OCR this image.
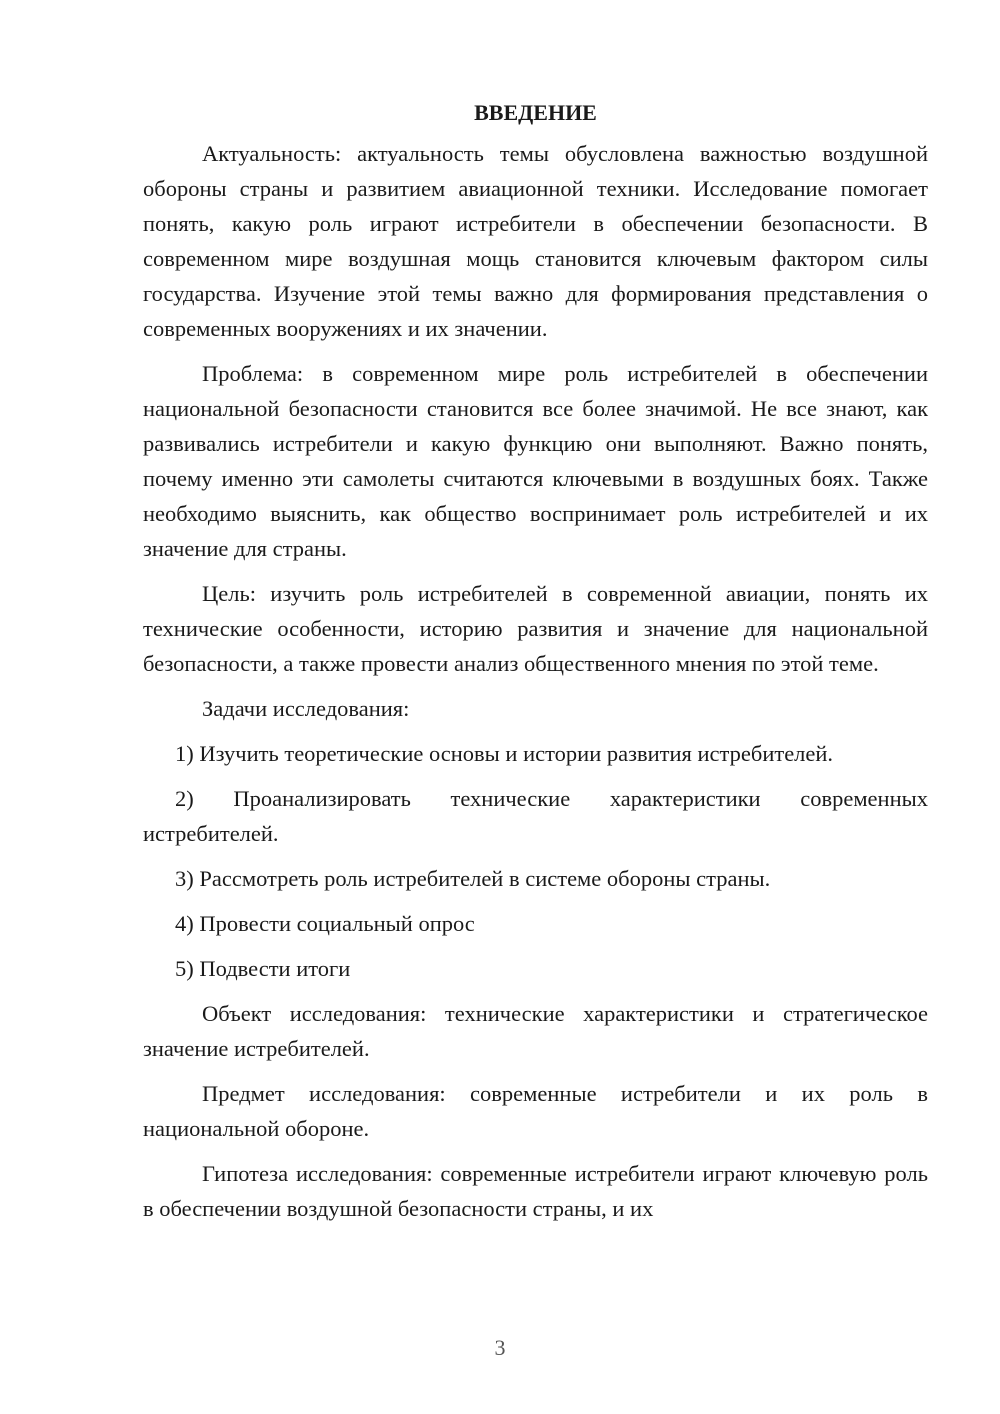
ВВЕДЕНИЕ

Актуальность: актуальность темы обусловлена важностью воздушной обороны страны и развитием авиационной техники. Исследование помогает понять, какую роль играют истребители в обеспечении безопасности. В современном мире воздушная мощь становится ключевым фактором силы государства. Изучение этой темы важно для формирования представления о современных вооружениях и их значении.

Проблема: в современном мире роль истребителей в обеспечении национальной безопасности становится все более значимой. Не все знают, как развивались истребители и какую функцию они выполняют. Важно понять, почему именно эти самолеты считаются ключевыми в воздушных боях. Также необходимо выяснить, как общество воспринимает роль истребителей и их значение для страны.

Цель: изучить роль истребителей в современной авиации, понять их технические особенности, историю развития и значение для национальной безопасности, а также провести анализ общественного мнения по этой теме.

Задачи исследования:

1) Изучить теоретические основы и истории развития истребителей.

2) Проанализировать технические характеристики современных истребителей.

3) Рассмотреть роль истребителей в системе обороны страны.

4) Провести социальный опрос

5) Подвести итоги

Объект исследования: технические характеристики и стратегическое значение истребителей.

Предмет исследования: современные истребители и их роль в национальной обороне.

Гипотеза исследования: современные истребители играют ключевую роль в обеспечении воздушной безопасности страны, и их

3
